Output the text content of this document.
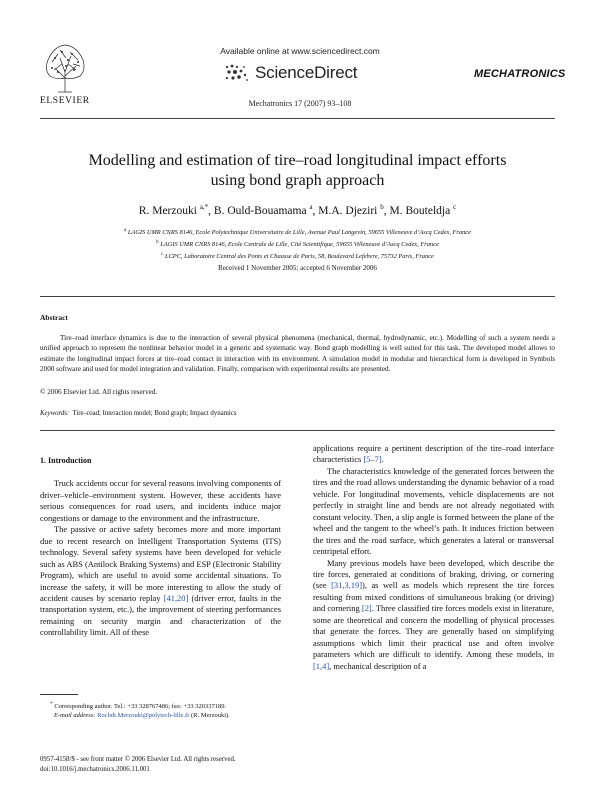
ELSEVIER
Available online at www.sciencedirect.com
ScienceDirect
Mechatronics 17 (2007) 93–108
MECHATRONICS
Modelling and estimation of tire–road longitudinal impact efforts
using bond graph approach
R. Merzouki $^{a,*}$, B. Ould-Bouamama $^a$, M.A. Djeziri $^b$, M. Bouteldja $^c$
$^a$ LAGIS UMR CNRS 8146, Ecole Polytechnique Universitaire de Lille, Avenue Paul Langevin, 59655 Villeneuve d’Ascq Cedex, France
$^b$ LAGIS UMR CNRS 8146, Ecole Centrale de Lille, Cité Scientifique, 59655 Villeneuve d’Ascq Cedex, France
$^c$ LCPC, Laboratoire Central des Ponts et Chausse de Paris, 58, Boulevard Lefebvre, 75732 Paris, France
Received 1 November 2005; accepted 6 November 2006
Abstract
Tire–road interface dynamics is due to the interaction of several physical phenomena (mechanical, thermal, hydrodynamic, etc.). Modelling of such a system needs a unified approach to represent the nonlinear behavior model in a generic and systematic way. Bond graph modelling is well suited for this task. The developed model allows to estimate the longitudinal impact forces at tire–road contact in interaction with its environment. A simulation model in modular and hierarchical form is developed in Symbols 2000 software and used for model integration and validation. Finally, comparison with experimental results are presented.
© 2006 Elsevier Ltd. All rights reserved.
Keywords: Tire–road; Interaction model; Bond graph; Impact dynamics

1. Introduction

Truck accidents occur for several reasons involving components of driver–vehicle–environment system. However, these accidents have serious consequences for road users, and incidents induce major congestions or damage to the environment and the infrastructure.

The passive or active safety becomes more and more important due to recent research on Intelligent Transportation Systems (ITS) technology. Several safety systems have been developed for vehicle such as ABS (Antilock Braking Systems) and ESP (Electronic Stability Program), which are useful to avoid some accidental situations. To increase the safety, it will be more interesting to allow the study of accident causes by scenario replay [41,20] (driver error, faults in the transportation system, etc.), the improvement of steering performances remaining on security margin and characterization of the controllability limit. All of these

* Corresponding author. Tel.: +33 328767486; fax: +33 320337189.
E-mail address: Rochdi.Merzouki@polytech-lille.fr (R. Merzouki).
0957-4158/$ - see front matter © 2006 Elsevier Ltd. All rights reserved.
doi:10.1016/j.mechatronics.2006.11.001

applications require a pertinent description of the tire–road interface characteristics [5–7].

The characteristics knowledge of the generated forces between the tires and the road allows understanding the dynamic behavior of a road vehicle. For longitudinal movements, vehicle displacements are not perfectly in straight line and bends are not already negotiated with constant velocity. Then, a slip angle is formed between the plane of the wheel and the tangent to the wheel’s path. It induces friction between the tires and the road surface, which generates a lateral or transversal centripetal effort.

Many previous models have been developed, which describe the tire forces, generated at conditions of braking, driving, or cornering (see [31,3,19]), as well as models which represent the tire forces resulting from mixed conditions of simultaneous braking (or driving) and cornering [2]. Three classified tire forces models exist in literature, some are theoretical and concern the modelling of physical processes that generate the forces. They are generally based on simplifying assumptions which limit their practical use and often involve parameters which are difficult to identify. Among these models, in [1,4], mechanical description of a
